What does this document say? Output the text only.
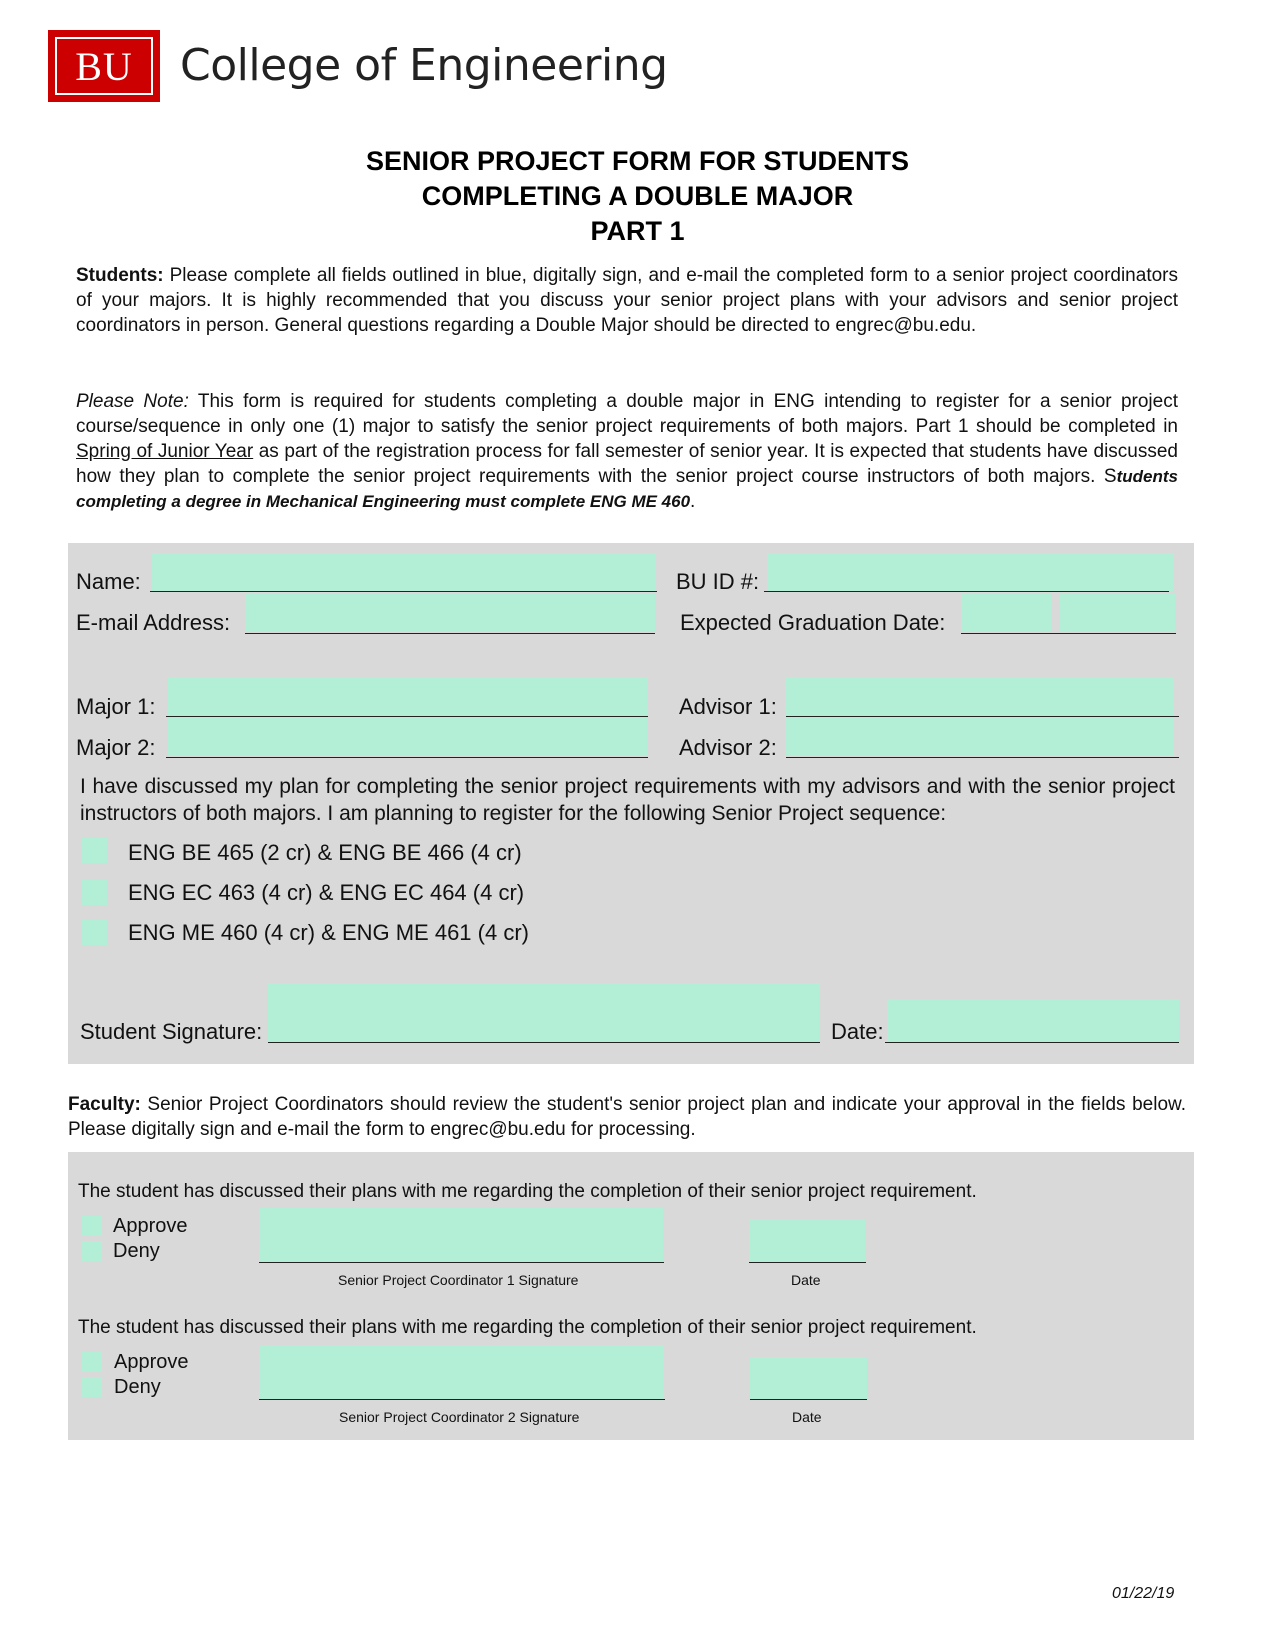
BU	College of Engineering
SENIOR PROJECT FORM FOR STUDENTS
COMPLETING A DOUBLE MAJOR
PART 1
Students: Please complete all fields outlined in blue, digitally sign, and e-mail the completed form to a senior project coordinators of your majors. It is highly recommended that you discuss your senior project plans with your advisors and senior project coordinators in person. General questions regarding a Double Major should be directed to engrec@bu.edu.
Please Note: This form is required for students completing a double major in ENG intending to register for a senior project course/sequence in only one (1) major to satisfy the senior project requirements of both majors. Part 1 should be completed in Spring of Junior Year as part of the registration process for fall semester of senior year. It is expected that students have discussed how they plan to complete the senior project requirements with the senior project course instructors of both majors. Students completing a degree in Mechanical Engineering must complete ENG ME 460.
Name:	BU ID #:
E-mail Address:	Expected Graduation Date:
Major 1:	Advisor 1:
Major 2:	Advisor 2:
I have discussed my plan for completing the senior project requirements with my advisors and with the senior project instructors of both majors. I am planning to register for the following Senior Project sequence:
ENG BE 465 (2 cr) & ENG BE 466 (4 cr)
ENG EC 463 (4 cr) & ENG EC 464 (4 cr)
ENG ME 460 (4 cr) & ENG ME 461 (4 cr)
Student Signature:	Date:
Faculty: Senior Project Coordinators should review the student's senior project plan and indicate your approval in the fields below. Please digitally sign and e-mail the form to engrec@bu.edu for processing.
The student has discussed their plans with me regarding the completion of their senior project requirement.
Approve
Deny
Senior Project Coordinator 1 Signature	Date
The student has discussed their plans with me regarding the completion of their senior project requirement.
Approve
Deny
Senior Project Coordinator 2 Signature	Date
01/22/19
